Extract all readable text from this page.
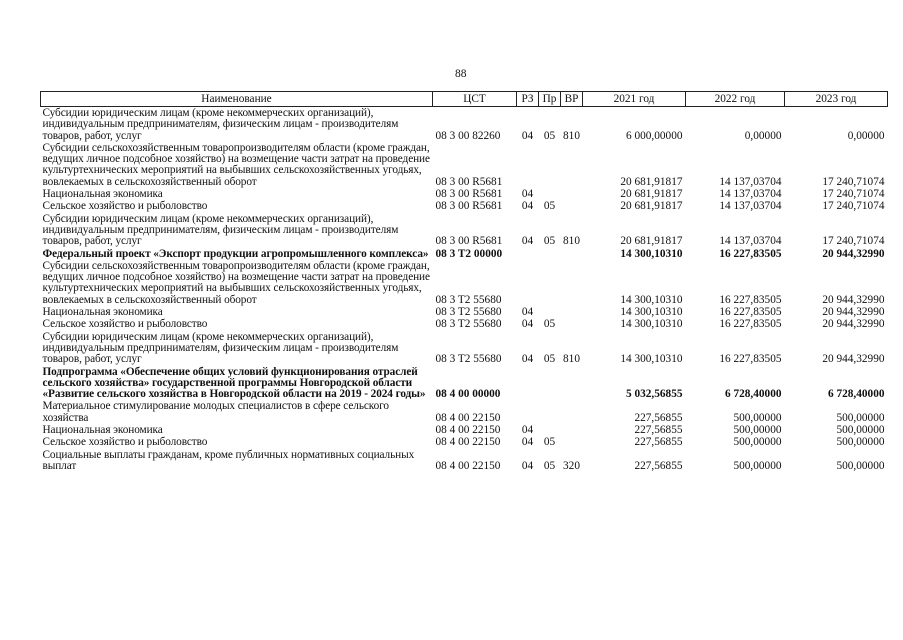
88
Наименование	ЦСТ	РЗ	Пр	ВР	2021 год	2022 год	2023 год
Субсидии юридическим лицам (кроме некоммерческих организаций), индивидуальным предпринимателям, физическим лицам - производителям товаров, работ, услуг	08 3 00 82260	04	05	810	6 000,00000	0,00000	0,00000
Субсидии сельскохозяйственным товаропроизводителям области (кроме граждан, ведущих личное подсобное хозяйство) на возмещение части затрат на проведение культуртехнических мероприятий на выбывших сельскохозяйственных угодьях, вовлекаемых в сельскохозяйственный оборот	08 3 00 R5681				20 681,91817	14 137,03704	17 240,71074
Национальная экономика	08 3 00 R5681	04			20 681,91817	14 137,03704	17 240,71074
Сельское хозяйство и рыболовство	08 3 00 R5681	04	05		20 681,91817	14 137,03704	17 240,71074
Субсидии юридическим лицам (кроме некоммерческих организаций), индивидуальным предпринимателям, физическим лицам - производителям товаров, работ, услуг	08 3 00 R5681	04	05	810	20 681,91817	14 137,03704	17 240,71074
Федеральный проект «Экспорт продукции агропромышленного комплекса»	08 3 T2 00000				14 300,10310	16 227,83505	20 944,32990
Субсидии сельскохозяйственным товаропроизводителям области (кроме граждан, ведущих личное подсобное хозяйство) на возмещение части затрат на проведение культуртехнических мероприятий на выбывших сельскохозяйственных угодьях, вовлекаемых в сельскохозяйственный оборот	08 3 T2 55680				14 300,10310	16 227,83505	20 944,32990
Национальная экономика	08 3 T2 55680	04			14 300,10310	16 227,83505	20 944,32990
Сельское хозяйство и рыболовство	08 3 T2 55680	04	05		14 300,10310	16 227,83505	20 944,32990
Субсидии юридическим лицам (кроме некоммерческих организаций), индивидуальным предпринимателям, физическим лицам - производителям товаров, работ, услуг	08 3 T2 55680	04	05	810	14 300,10310	16 227,83505	20 944,32990
Подпрограмма «Обеспечение общих условий функционирования отраслей сельского хозяйства» государственной программы Новгородской области «Развитие сельского хозяйства в Новгородской области на 2019 - 2024 годы»	08 4 00 00000				5 032,56855	6 728,40000	6 728,40000
Материальное стимулирование молодых специалистов в сфере сельского хозяйства	08 4 00 22150				227,56855	500,00000	500,00000
Национальная экономика	08 4 00 22150	04			227,56855	500,00000	500,00000
Сельское хозяйство и рыболовство	08 4 00 22150	04	05		227,56855	500,00000	500,00000
Социальные выплаты гражданам, кроме публичных нормативных социальных выплат	08 4 00 22150	04	05	320	227,56855	500,00000	500,00000
